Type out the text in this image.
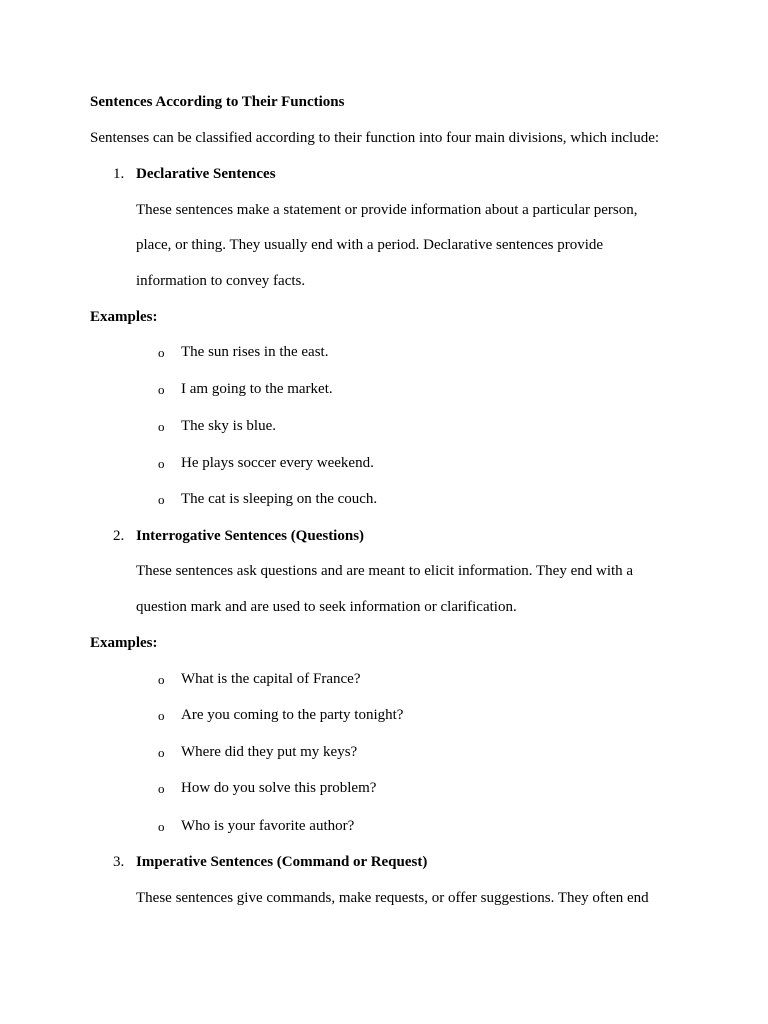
Sentences According to Their Functions
Sentenses can be classified according to their function into four main divisions, which include:
1. Declarative Sentences
These sentences make a statement or provide information about a particular person,
place, or thing. They usually end with a period. Declarative sentences provide
information to convey facts.
Examples:
o The sun rises in the east.
o I am going to the market.
o The sky is blue.
o He plays soccer every weekend.
o The cat is sleeping on the couch.
2. Interrogative Sentences (Questions)
These sentences ask questions and are meant to elicit information. They end with a
question mark and are used to seek information or clarification.
Examples:
o What is the capital of France?
o Are you coming to the party tonight?
o Where did they put my keys?
o How do you solve this problem?
o Who is your favorite author?
3. Imperative Sentences (Command or Request)
These sentences give commands, make requests, or offer suggestions. They often end
